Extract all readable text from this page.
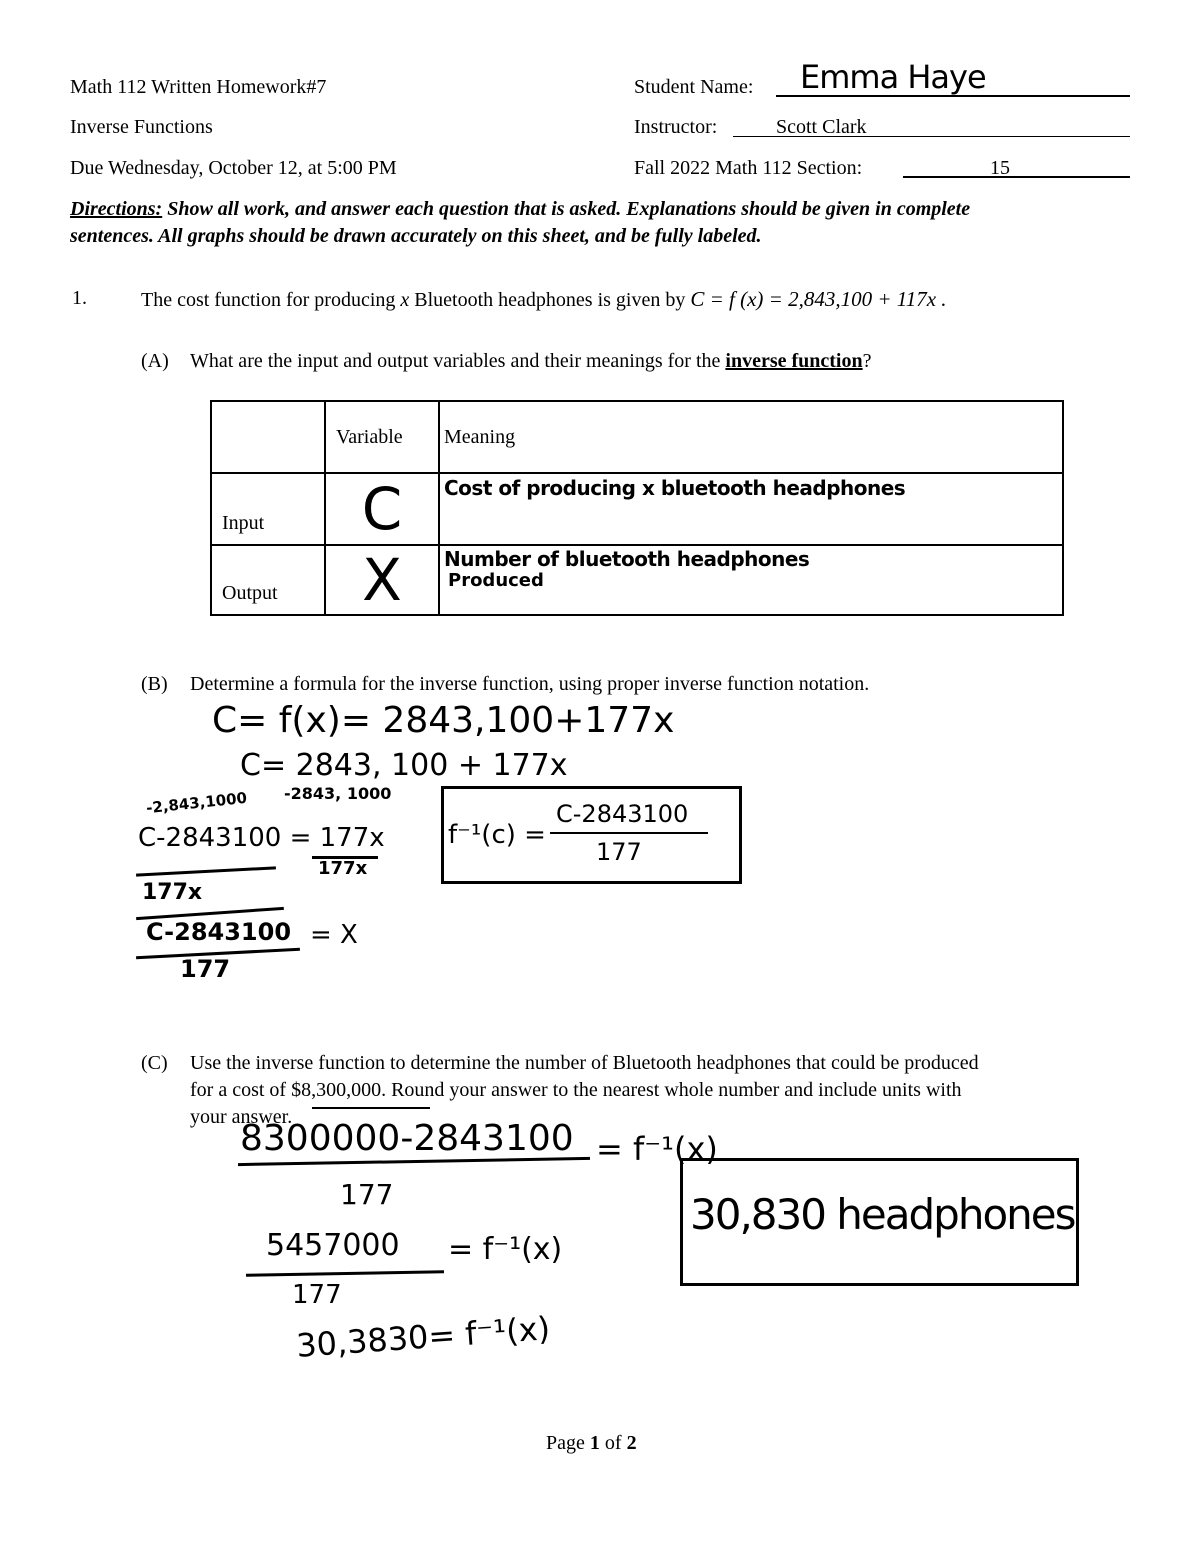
Math 112 Written Homework#7
Inverse Functions
Due Wednesday, October 12, at 5:00 PM
Student Name: Emma Haye
Instructor:	Scott Clark
Fall 2022 Math 112 Section:	15
Directions: Show all work, and answer each question that is asked. Explanations should be given in complete
sentences. All graphs should be drawn accurately on this sheet, and be fully labeled.
1.	The cost function for producing x Bluetooth headphones is given by C = f (x) = 2,843,100 + 117x .
(A) What are the input and output variables and their meanings for the inverse function?
	Variable	Meaning
Input	C	Cost of producing x bluetooth headphones
Output	X	Number of bluetooth headphones
Produced
(B) Determine a formula for the inverse function, using proper inverse function notation.
C= f(x)= 2843,100+177x
C= 2843, 100 + 177x
-2,843,1000 -2843, 1000
C-2843100 = 177x
177x
177x
C-2843100 = X
177
f⁻¹(c) =
C-2843100
177
(C) Use the inverse function to determine the number of Bluetooth headphones that could be produced
for a cost of $8,300,000. Round your answer to the nearest whole number and include units with
your answer.
8300000-2843100 = f⁻¹(x)
177
5457000 = f⁻¹(x)
177
30,3830= f⁻¹(x)
30,830 headphones
Page 1 of 2
